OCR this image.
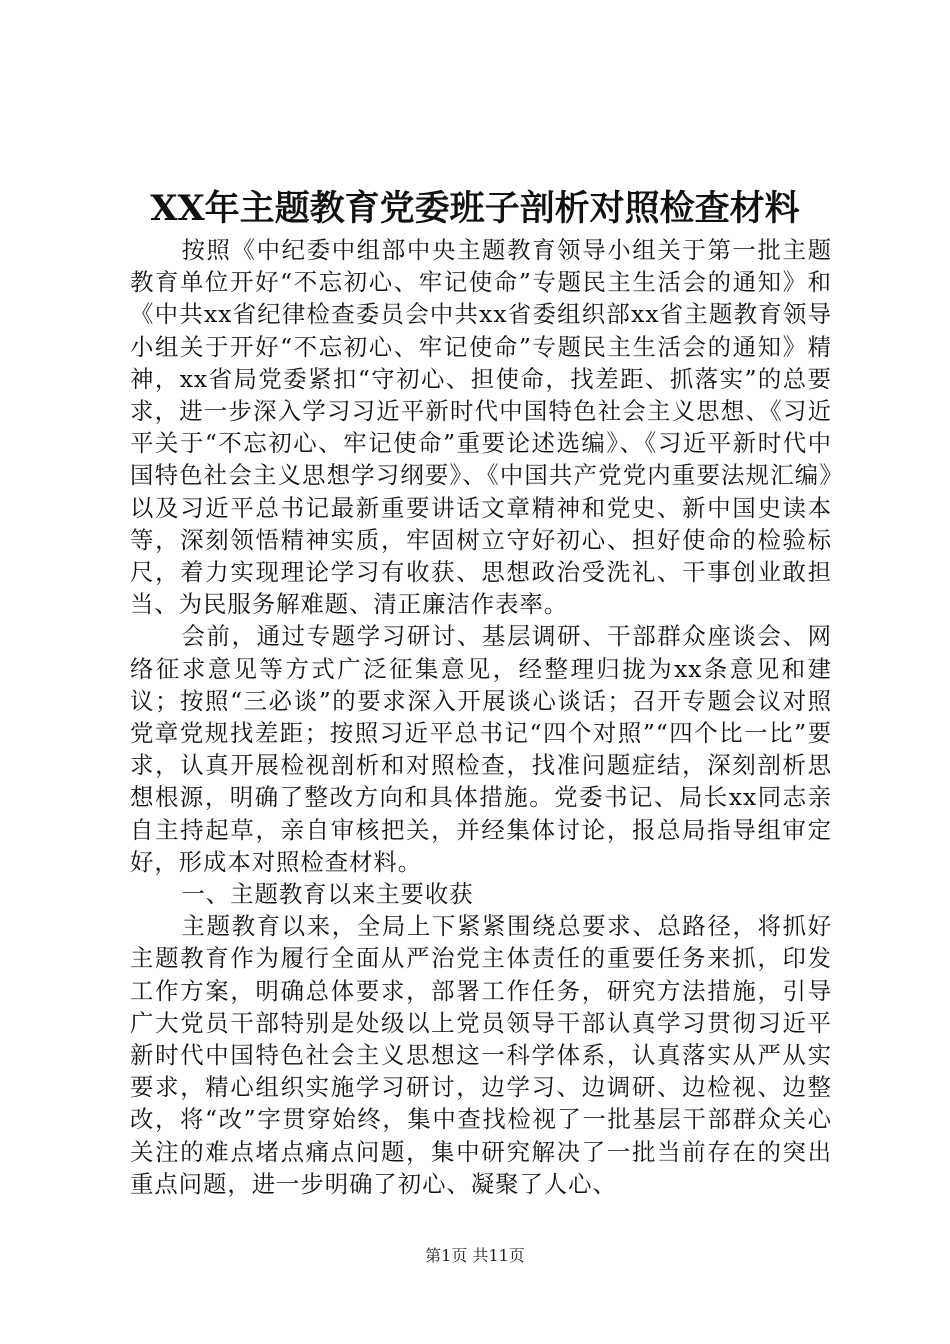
XX年主题教育党委班子剖析对照检查材料

按照《中纪委中组部中央主题教育领导小组关于第一批主题教育单位开好“不忘初心、牢记使命”专题民主生活会的通知》和《中共xx省纪律检查委员会中共xx省委组织部xx省主题教育领导小组关于开好“不忘初心、牢记使命”专题民主生活会的通知》精神，xx省局党委紧扣“守初心、担使命，找差距、抓落实”的总要求，进一步深入学习习近平新时代中国特色社会主义思想、《习近平关于“不忘初心、牢记使命”重要论述选编》、《习近平新时代中国特色社会主义思想学习纲要》、《中国共产党党内重要法规汇编》以及习近平总书记最新重要讲话文章精神和党史、新中国史读本等，深刻领悟精神实质，牢固树立守好初心、担好使命的检验标尺，着力实现理论学习有收获、思想政治受洗礼、干事创业敢担当、为民服务解难题、清正廉洁作表率。

会前，通过专题学习研讨、基层调研、干部群众座谈会、网络征求意见等方式广泛征集意见，经整理归拢为xx条意见和建议；按照“三必谈”的要求深入开展谈心谈话；召开专题会议对照党章党规找差距；按照习近平总书记“四个对照”“四个比一比”要求，认真开展检视剖析和对照检查，找准问题症结，深刻剖析思想根源，明确了整改方向和具体措施。党委书记、局长xx同志亲自主持起草，亲自审核把关，并经集体讨论，报总局指导组审定好，形成本对照检查材料。

一、主题教育以来主要收获

主题教育以来，全局上下紧紧围绕总要求、总路径，将抓好主题教育作为履行全面从严治党主体责任的重要任务来抓，印发工作方案，明确总体要求，部署工作任务，研究方法措施，引导广大党员干部特别是处级以上党员领导干部认真学习贯彻习近平新时代中国特色社会主义思想这一科学体系，认真落实从严从实要求，精心组织实施学习研讨，边学习、边调研、边检视、边整改，将“改”字贯穿始终，集中查找检视了一批基层干部群众关心关注的难点堵点痛点问题，集中研究解决了一批当前存在的突出重点问题，进一步明确了初心、凝聚了人心、

第1页 共11页
